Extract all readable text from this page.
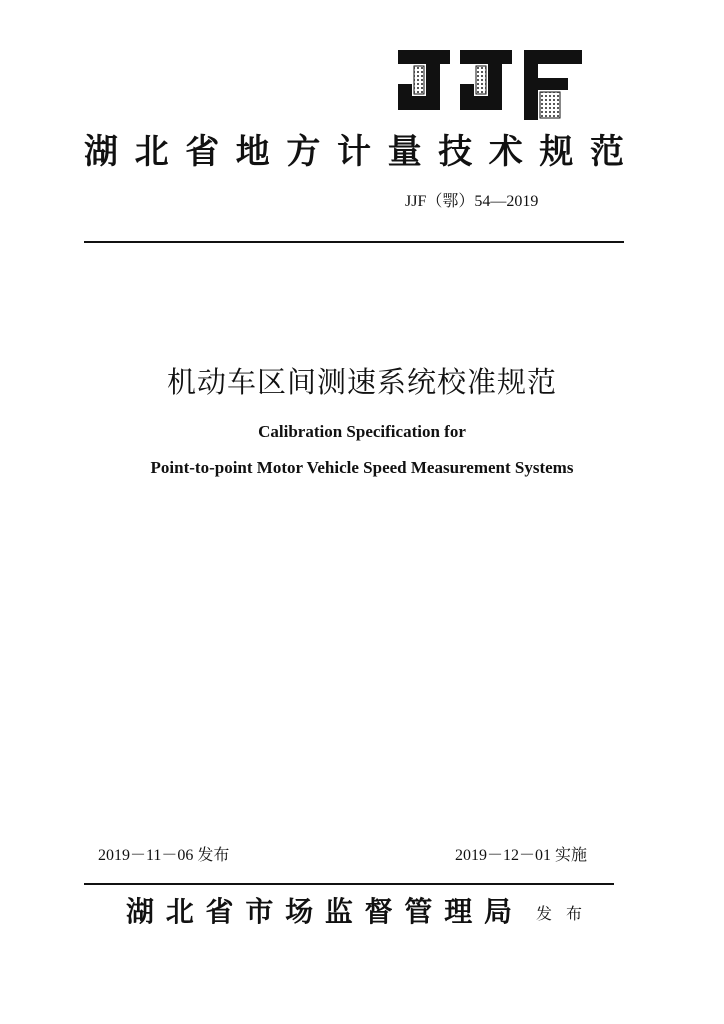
湖北省地方计量技术规范
JJF（鄂）54—2019
机动车区间测速系统校准规范
Calibration Specification for
Point-to-point Motor Vehicle Speed Measurement Systems
2019－11－06 发布	2019－12－01 实施
湖北省市场监督管理局 发布
